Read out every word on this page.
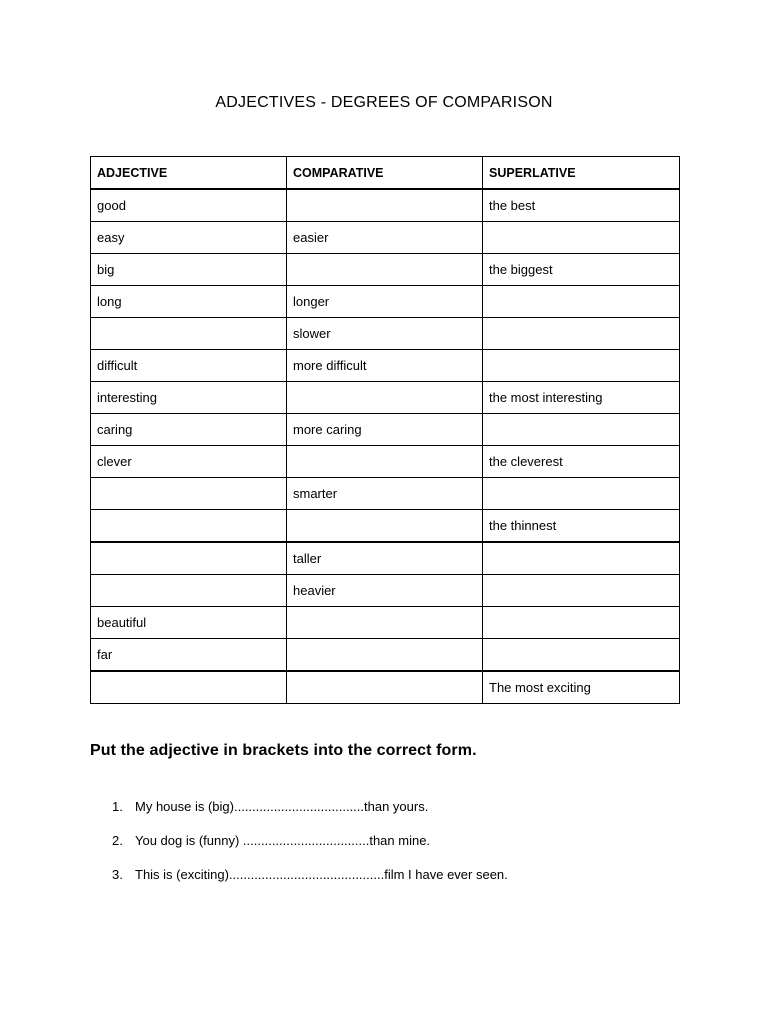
ADJECTIVES - DEGREES OF COMPARISON
ADJECTIVE	COMPARATIVE	SUPERLATIVE
good		the best
easy	easier	
big		the biggest
long	longer	
	slower	
difficult	more difficult	
interesting		the most interesting
caring	more caring	
clever		the cleverest
	smarter	
		the thinnest
	taller	
	heavier	
beautiful		
far		
		The most exciting
Put the adjective in brackets into the correct form.
1. My house is (big)....................................than yours.
2. You dog is (funny) ...................................than mine.
3. This is (exciting)...........................................film I have ever seen.
